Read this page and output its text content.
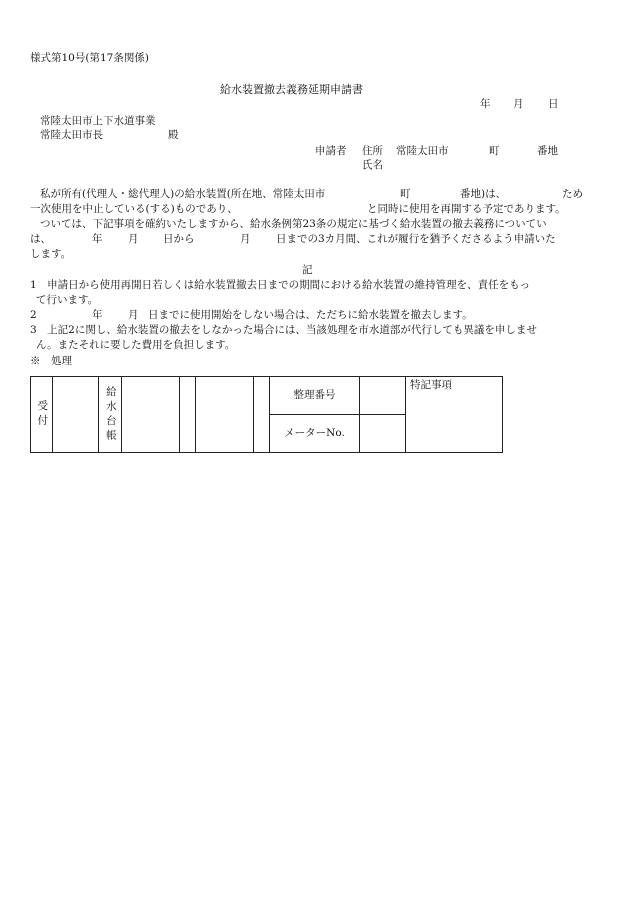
様式第10号(第17条関係)
給水装置撤去義務延期申請書
年 月 日
常陸太田市上下水道事業
常陸太田市長	殿
申請者 住所 常陸太田市	町	番地
氏名
私が所有(代理人・総代理人)の給水装置(所在地、常陸太田市	町	番地)は、	ため
一次使用を中止している(する)ものであり、	と同時に使用を再開する予定であります。
ついては、下記事項を確約いたしますから、給水条例第23条の規定に基づく給水装置の撤去義務についてい
は、	年 月 日から	月 日までの3カ月間、これが履行を猶予くださるよう申請いた
します。
記
1　申請日から使用再開日若しくは給水装置撤去日までの期間における給水装置の維持管理を、責任をもっ
て行います。
2	年 月 日までに使用開始をしない場合は、ただちに給水装置を撤去します。
3　上記2に関し、給水装置の撤去をしなかった場合には、当該処理を市水道部が代行しても異議を申しませ
ん。またそれに要した費用を負担します。
※　処理
受付		給水台帳					整理番号		特記事項
							メーターNo.		
